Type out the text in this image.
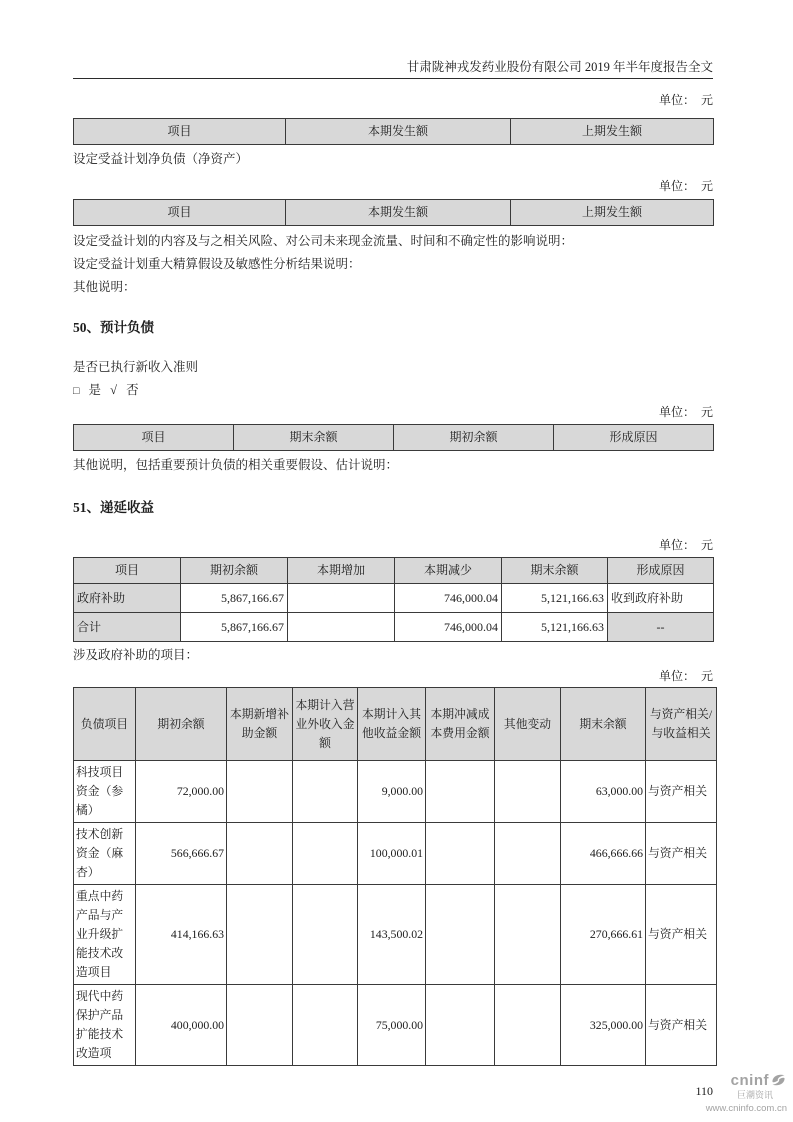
甘肃陇神戎发药业股份有限公司 2019 年半年度报告全文
单位：　元
项目	本期发生额	上期发生额

设定受益计划净负债（净资产）

单位：　元
项目	本期发生额	上期发生额

设定受益计划的内容及与之相关风险、对公司未来现金流量、时间和不确定性的影响说明：

设定受益计划重大精算假设及敏感性分析结果说明：

其他说明：

50、预计负债

是否已执行新收入准则

□ 是 √ 否

单位：　元
项目	期末余额	期初余额	形成原因

其他说明，包括重要预计负债的相关重要假设、估计说明：

51、递延收益

单位：　元
项目	期初余额	本期增加	本期减少	期末余额	形成原因
政府补助	5,867,166.67		746,000.04	5,121,166.63	收到政府补助
合计	5,867,166.67		746,000.04	5,121,166.63	--

涉及政府补助的项目：

单位：　元
负债项目	期初余额	本期新增补助金额	本期计入营业外收入金额	本期计入其他收益金额	本期冲减成本费用金额	其他变动	期末余额	与资产相关/与收益相关
科技项目资金（参橘）	72,000.00			9,000.00			63,000.00	与资产相关
技术创新资金（麻杏）	566,666.67			100,000.01			466,666.66	与资产相关
重点中药产品与产业升级扩能技术改造项目	414,166.63			143,500.02			270,666.61	与资产相关
现代中药保护产品扩能技术改造项	400,000.00			75,000.00			325,000.00	与资产相关
110
cninf
巨潮资讯
www.cninfo.com.cn
